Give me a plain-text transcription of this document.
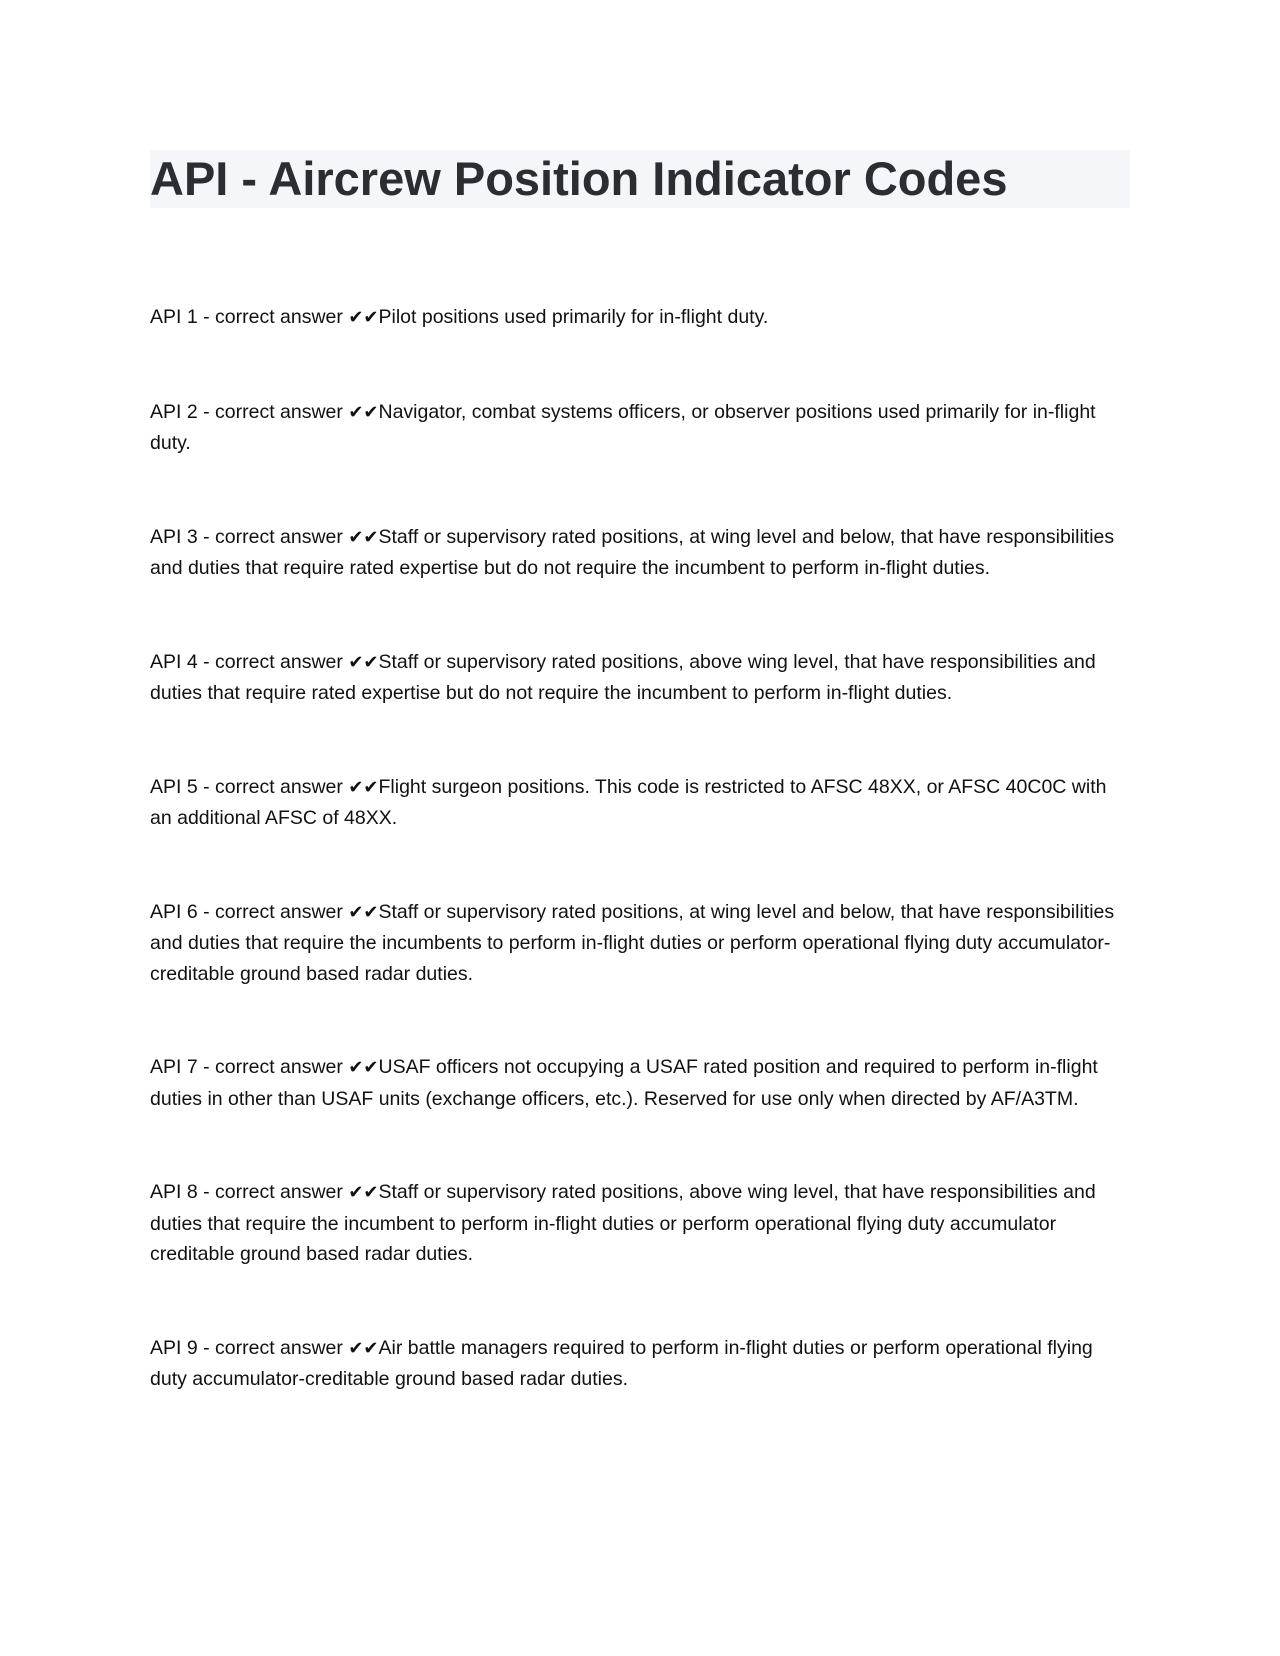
API - Aircrew Position Indicator Codes

API 1 - correct answer ✔✔Pilot positions used primarily for in-flight duty.

API 2 - correct answer ✔✔Navigator, combat systems officers, or observer positions used primarily for in-flight duty.

API 3 - correct answer ✔✔Staff or supervisory rated positions, at wing level and below, that have responsibilities and duties that require rated expertise but do not require the incumbent to perform in-flight duties.

API 4 - correct answer ✔✔Staff or supervisory rated positions, above wing level, that have responsibilities and duties that require rated expertise but do not require the incumbent to perform in-flight duties.

API 5 - correct answer ✔✔Flight surgeon positions. This code is restricted to AFSC 48XX, or AFSC 40C0C with an additional AFSC of 48XX.

API 6 - correct answer ✔✔Staff or supervisory rated positions, at wing level and below, that have responsibilities and duties that require the incumbents to perform in-flight duties or perform operational flying duty accumulator-creditable ground based radar duties.

API 7 - correct answer ✔✔USAF officers not occupying a USAF rated position and required to perform in-flight duties in other than USAF units (exchange officers, etc.). Reserved for use only when directed by AF/A3TM.

API 8 - correct answer ✔✔Staff or supervisory rated positions, above wing level, that have responsibilities and duties that require the incumbent to perform in-flight duties or perform operational flying duty accumulator creditable ground based radar duties.

API 9 - correct answer ✔✔Air battle managers required to perform in-flight duties or perform operational flying duty accumulator-creditable ground based radar duties.
